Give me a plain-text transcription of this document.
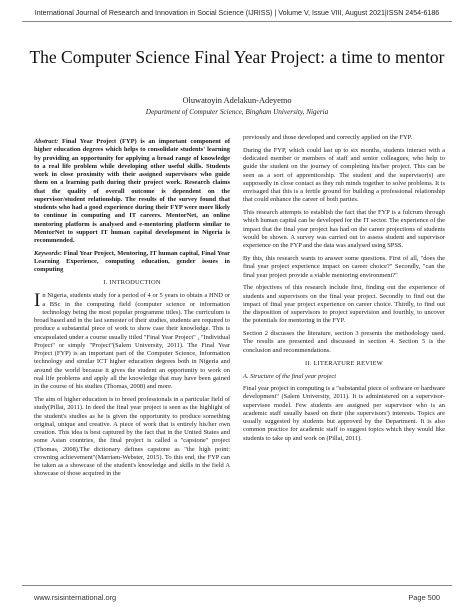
International Journal of Research and Innovation in Social Science (IJRISS) | Volume V, Issue VIII, August 2021|ISSN 2454-6186
The Computer Science Final Year Project: a time to mentor
Oluwatoyin Adelakun-Adeyemo
Department of Computer Science, Bingham University, Nigeria

Abstract: Final Year Project (FYP) is an important component of higher education degrees which helps to consolidate students' learning by providing an opportunity for applying a broad range of knowledge to a real life problem while developing other useful skills. Students work in close proximity with their assigned supervisors who guide them on a learning path during their project work. Research claims that the quality of overall outcome is dependent on the supervisor/student relationship. The results of the survey found that students who had a good experience during their FYP were more likely to continue in computing and IT careers. MentorNet, an online mentoring platform is analysed and e-mentoring platform similar to MentorNet to support IT human capital development in Nigeria is recommended.

Keywords: Final Year Project, Mentoring, IT human capital, Final Year Learning Experience, computing education, gender issues in computing

I. INTRODUCTION

In Nigeria, students study for a period of 4 or 5 years to obtain a HND or a BSc in the computing field (computer science or information technology being the most popular programme titles). The curriculum is broad based and in the last semester of their studies, students are required to produce a substantial piece of work to show case their knowledge. This is encapsulated under a course usually titled "Final Year Project" , "Individual Project" or simply "Project"(Salem University, 2011). The Final Year Project (FYP) is an important part of the Computer Science, Information technology and similar ICT higher education degrees both in Nigeria and around the world because it gives the student an opportunity to work on real life problems and apply all the knowledge that may have been gained in the course of his studies (Thomas, 2008) and more.

The aim of higher education is to breed professionals in a particular field of study(Pillai, 2011). In deed the final year project is seen as the highlight of the student's studies as he is given the opportunity to produce something original, unique and creative. A piece of work that is entirely his/her own creation. This idea is best captured by the fact that in the United States and some Asian countries, the final project is called a "capstone" project (Thomas, 2008).The dictionary defines capstone as "the high point: crowning achievement"(Marriam-Webster, 2015). To this end, the FYP can be taken as a showcase of the student's knowledge and skills in the field A showcase of those acquired in the

previously and those developed and correctly applied on the FYP.

During the FYP, which could last up to six months, students interact with a dedicated member or members of staff and senior colleagues, who help to guide the student on the journey of completing his/her project. This can be seen as a sort of apprenticeship. The student and the supervisor(s) are supposedly in close contact as they rub minds together to solve problems. It is envisaged that this is a fertile ground for building a professional relationship that could enhance the career of both parties.

This research attempts to establish the fact that the FYP is a fulcrum through which human capital can be developed for the IT sector. The experience of the impact that the final year project has had on the career projections of students would be shown. A survey was carried out to assess student and supervisor experience on the FYP and the data was analysed using SPSS.

By this, this research wants to answer some questions. First of all, "does the final year project experience impact on career choice?" Secondly, "can the final year project provide a viable mentoring environment?"

The objectives of this research include first, finding out the experience of students and supervisors on the final year project. Secondly to find out the impact of final year project experience on career choice. Thirdly, to find out the disposition of supervisors to project supervision and fourthly, to uncover the potentials for mentoring in the FYP.

Section 2 discusses the literature, section 3 presents the methodology used. The results are presented and discussed in section 4. Section 5 is the conclusion and recommendations.

II. LITERATURE REVIEW
A. Structure of the final year project

Final year project in computing is a "substantial piece of software or hardware development" (Salem University, 2011). It is administered on a supervisor-supervisee model. Few students are assigned per supervisor who is an academic staff usually based on their (the supervisors') interests. Topics are usually suggested by students but approved by the Department. It is also common practice for academic staff to suggest topics which they would like students to take up and work on (Pillai, 2011).

www.rsisinternational.org	Page 500
